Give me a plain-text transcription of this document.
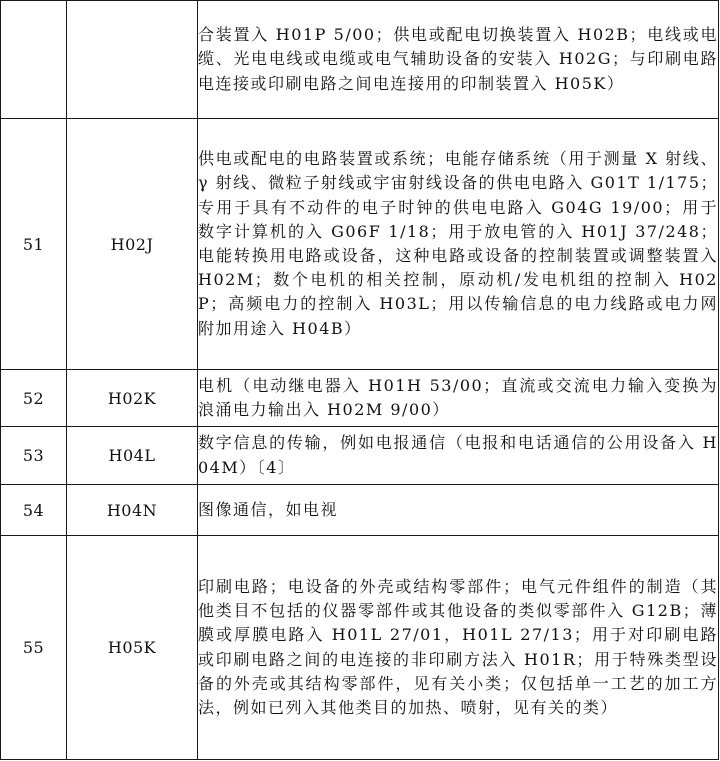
		合装置入 H01P 5/00；供电或配电切换装置入 H02B；电线或电缆、光电电线或电缆或电气辅助设备的安装入 H02G；与印刷电路电连接或印刷电路之间电连接用的印制装置入 H05K）
51	H02J	供电或配电的电路装置或系统；电能存储系统（用于测量 X 射线、γ 射线、微粒子射线或宇宙射线设备的供电电路入 G01T 1/175；专用于具有不动件的电子时钟的供电电路入 G04G 19/00；用于数字计算机的入 G06F 1/18；用于放电管的入 H01J 37/248；电能转换用电路或设备，这种电路或设备的控制装置或调整装置入 H02M；数个电机的相关控制，原动机/发电机组的控制入 H02P；高频电力的控制入 H03L；用以传输信息的电力线路或电力网附加用途入 H04B）
52	H02K	电机（电动继电器入 H01H 53/00；直流或交流电力输入变换为浪涌电力输出入 H02M 9/00）
53	H04L	数字信息的传输，例如电报通信（电报和电话通信的公用设备入 H04M）〔4〕
54	H04N	图像通信，如电视
55	H05K	印刷电路；电设备的外壳或结构零部件；电气元件组件的制造（其他类目不包括的仪器零部件或其他设备的类似零部件入 G12B；薄膜或厚膜电路入 H01L 27/01，H01L 27/13；用于对印刷电路或印刷电路之间的电连接的非印刷方法入 H01R；用于特殊类型设备的外壳或其结构零部件，见有关小类；仅包括单一工艺的加工方法，例如已列入其他类目的加热、喷射，见有关的类）
